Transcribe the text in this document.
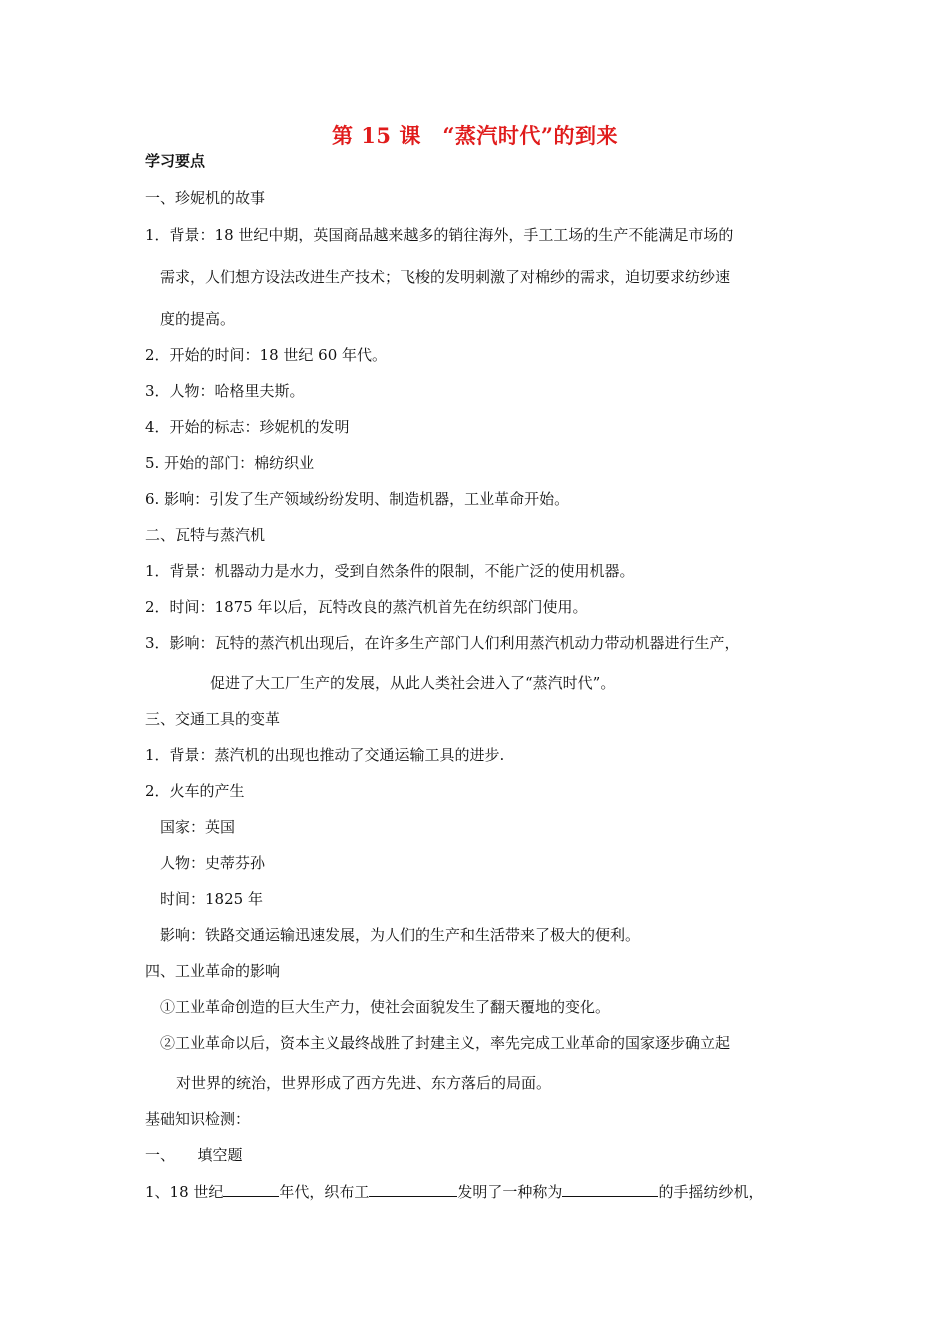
第 15 课　“蒸汽时代”的到来
学习要点
一、珍妮机的故事
1．背景：18 世纪中期，英国商品越来越多的销往海外，手工工场的生产不能满足市场的
需求，人们想方设法改进生产技术；飞梭的发明刺激了对棉纱的需求，迫切要求纺纱速
度的提高。
2．开始的时间：18 世纪 60 年代。
3．人物：哈格里夫斯。
4．开始的标志：珍妮机的发明
5. 开始的部门：棉纺织业
6. 影响：引发了生产领域纷纷发明、制造机器，工业革命开始。
二、瓦特与蒸汽机
1．背景：机器动力是水力，受到自然条件的限制，不能广泛的使用机器。
2．时间：1875 年以后，瓦特改良的蒸汽机首先在纺织部门使用。
3．影响：瓦特的蒸汽机出现后，在许多生产部门人们利用蒸汽机动力带动机器进行生产，
促进了大工厂生产的发展，从此人类社会进入了“蒸汽时代”。
三、交通工具的变革
1．背景：蒸汽机的出现也推动了交通运输工具的进步.
2．火车的产生
国家：英国
人物：史蒂芬孙
时间：1825 年
影响：铁路交通运输迅速发展，为人们的生产和生活带来了极大的便利。
四、工业革命的影响
①工业革命创造的巨大生产力，使社会面貌发生了翻天覆地的变化。
②工业革命以后，资本主义最终战胜了封建主义，率先完成工业革命的国家逐步确立起
对世界的统治，世界形成了西方先进、东方落后的局面。
基础知识检测：
一、　　填空题
1、18 世纪	年代，织布工	发明了一种称为	的手摇纺纱机，
